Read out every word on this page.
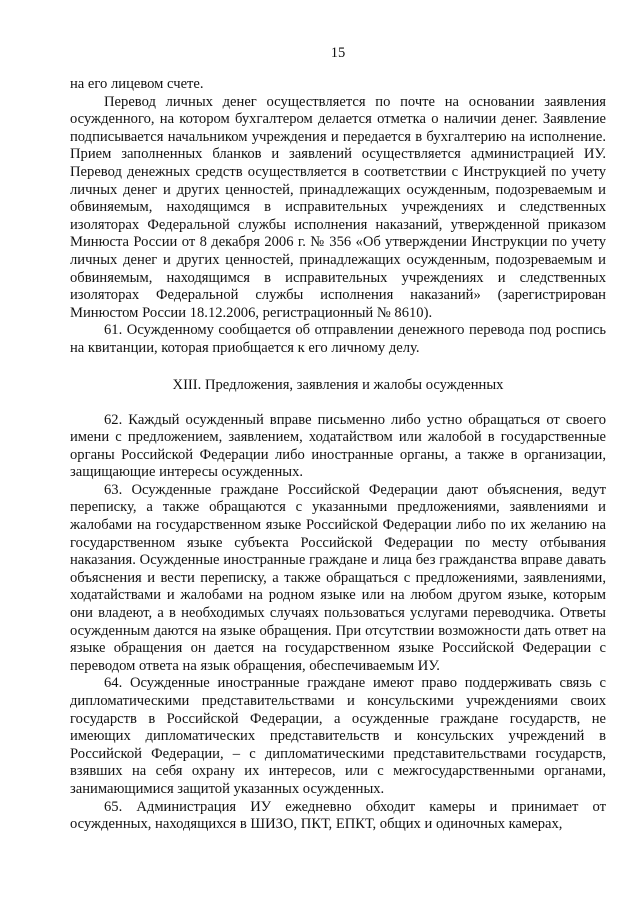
15

на его лицевом счете.

Перевод личных денег осуществляется по почте на основании заявления осужденного, на котором бухгалтером делается отметка о наличии денег. Заявление подписывается начальником учреждения и передается в бухгалтерию на исполнение. Прием заполненных бланков и заявлений осуществляется администрацией ИУ. Перевод денежных средств осуществляется в соответствии с Инструкцией по учету личных денег и других ценностей, принадлежащих осужденным, подозреваемым и обвиняемым, находящимся в исправительных учреждениях и следственных изоляторах Федеральной службы исполнения наказаний, утвержденной приказом Минюста России от 8 декабря 2006 г. № 356 «Об утверждении Инструкции по учету личных денег и других ценностей, принадлежащих осужденным, подозреваемым и обвиняемым, находящимся в исправительных учреждениях и следственных изоляторах Федеральной службы исполнения наказаний» (зарегистрирован Минюстом России 18.12.2006, регистрационный № 8610).

61. Осужденному сообщается об отправлении денежного перевода под роспись на квитанции, которая приобщается к его личному делу.

XIII. Предложения, заявления и жалобы осужденных

62. Каждый осужденный вправе письменно либо устно обращаться от своего имени с предложением, заявлением, ходатайством или жалобой в государственные органы Российской Федерации либо иностранные органы, а также в организации, защищающие интересы осужденных.

63. Осужденные граждане Российской Федерации дают объяснения, ведут переписку, а также обращаются с указанными предложениями, заявлениями и жалобами на государственном языке Российской Федерации либо по их желанию на государственном языке субъекта Российской Федерации по месту отбывания наказания. Осужденные иностранные граждане и лица без гражданства вправе давать объяснения и вести переписку, а также обращаться с предложениями, заявлениями, ходатайствами и жалобами на родном языке или на любом другом языке, которым они владеют, а в необходимых случаях пользоваться услугами переводчика. Ответы осужденным даются на языке обращения. При отсутствии возможности дать ответ на языке обращения он дается на государственном языке Российской Федерации с переводом ответа на язык обращения, обеспечиваемым ИУ.

64. Осужденные иностранные граждане имеют право поддерживать связь с дипломатическими представительствами и консульскими учреждениями своих государств в Российской Федерации, а осужденные граждане государств, не имеющих дипломатических представительств и консульских учреждений в Российской Федерации, – с дипломатическими представительствами государств, взявших на себя охрану их интересов, или с межгосударственными органами, занимающимися защитой указанных осужденных.

65. Администрация ИУ ежедневно обходит камеры и принимает от осужденных, находящихся в ШИЗО, ПКТ, ЕПКТ, общих и одиночных камерах,
